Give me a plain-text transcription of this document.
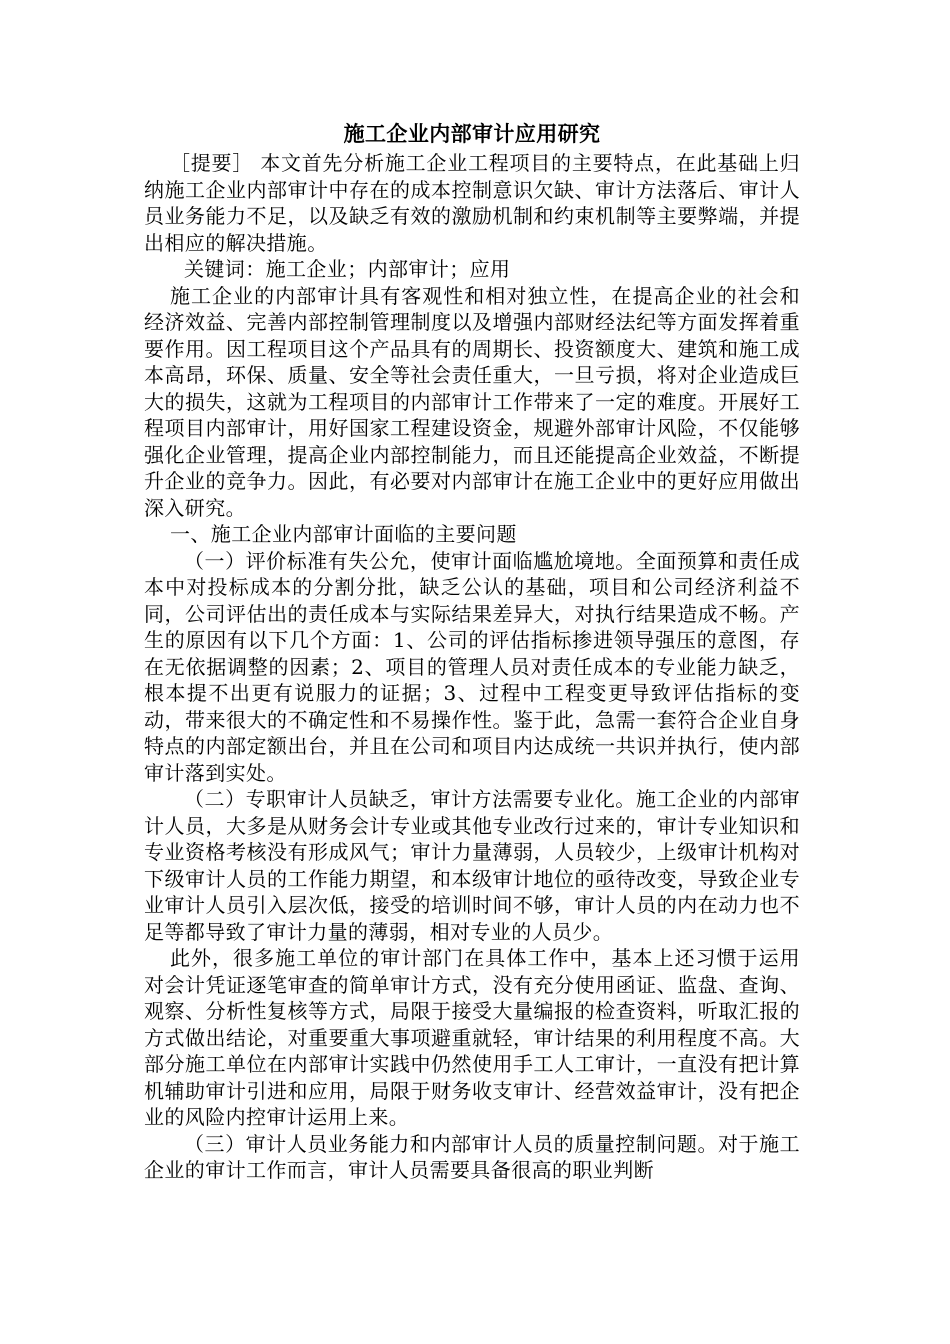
施工企业内部审计应用研究

［提要］ 本文首先分析施工企业工程项目的主要特点，在此基础上归纳施工企业内部审计中存在的成本控制意识欠缺、审计方法落后、审计人员业务能力不足，以及缺乏有效的激励机制和约束机制等主要弊端，并提出相应的解决措施。

关键词：施工企业；内部审计；应用

施工企业的内部审计具有客观性和相对独立性，在提高企业的社会和经济效益、完善内部控制管理制度以及增强内部财经法纪等方面发挥着重要作用。因工程项目这个产品具有的周期长、投资额度大、建筑和施工成本高昂，环保、质量、安全等社会责任重大，一旦亏损，将对企业造成巨大的损失，这就为工程项目的内部审计工作带来了一定的难度。开展好工程项目内部审计，用好国家工程建设资金，规避外部审计风险，不仅能够强化企业管理，提高企业内部控制能力，而且还能提高企业效益，不断提升企业的竞争力。因此，有必要对内部审计在施工企业中的更好应用做出深入研究。

一、施工企业内部审计面临的主要问题

（一）评价标准有失公允，使审计面临尴尬境地。全面预算和责任成本中对投标成本的分割分批，缺乏公认的基础，项目和公司经济利益不同，公司评估出的责任成本与实际结果差异大，对执行结果造成不畅。产生的原因有以下几个方面：1、公司的评估指标掺进领导强压的意图，存在无依据调整的因素；2、项目的管理人员对责任成本的专业能力缺乏，根本提不出更有说服力的证据；3、过程中工程变更导致评估指标的变动，带来很大的不确定性和不易操作性。鉴于此，急需一套符合企业自身特点的内部定额出台，并且在公司和项目内达成统一共识并执行，使内部审计落到实处。

（二）专职审计人员缺乏，审计方法需要专业化。施工企业的内部审计人员，大多是从财务会计专业或其他专业改行过来的，审计专业知识和专业资格考核没有形成风气；审计力量薄弱，人员较少，上级审计机构对下级审计人员的工作能力期望，和本级审计地位的亟待改变，导致企业专业审计人员引入层次低，接受的培训时间不够，审计人员的内在动力也不足等都导致了审计力量的薄弱，相对专业的人员少。

此外，很多施工单位的审计部门在具体工作中，基本上还习惯于运用对会计凭证逐笔审查的简单审计方式，没有充分使用函证、监盘、查询、观察、分析性复核等方式，局限于接受大量编报的检查资料，听取汇报的方式做出结论，对重要重大事项避重就轻，审计结果的利用程度不高。大部分施工单位在内部审计实践中仍然使用手工人工审计，一直没有把计算机辅助审计引进和应用，局限于财务收支审计、经营效益审计，没有把企业的风险内控审计运用上来。

（三）审计人员业务能力和内部审计人员的质量控制问题。对于施工企业的审计工作而言，审计人员需要具备很高的职业判断
